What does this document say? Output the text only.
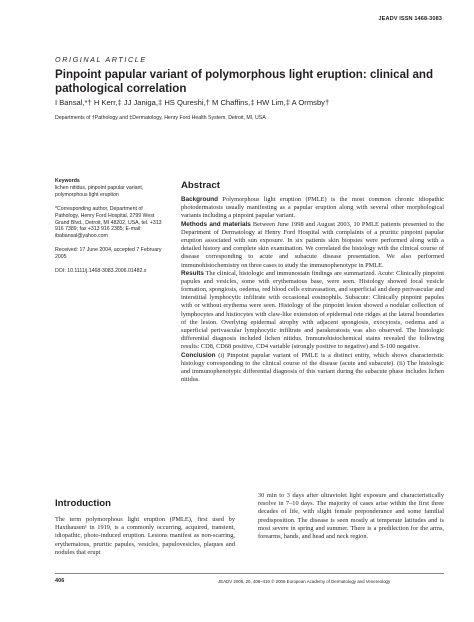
JEADV ISSN 1468-3083
ORIGINAL ARTICLE
Pinpoint papular variant of polymorphous light eruption: clinical and pathological correlation
I Bansal,*† H Kerr,‡ JJ Janiga,‡ HS Qureshi,† M Chaffins,‡ HW Lim,‡ A Ormsby†
Departments of †Pathology and ‡Dermatology, Henry Ford Health System, Detroit, MI, USA

Keywords

lichen nitidus, pinpoint papular variant, polymorphous light eruption

*Corresponding author, Department of Pathology, Henry Ford Hospital, 2799 West Grand Blvd., Detroit, MI 48202, USA, tel. +313 916 7389; fax +313 916 2385; E-mail: ibabansal@yahoo.com

Received: 17 June 2004, accepted 7 February 2005

DOI: 10.1111/j.1468-3083.2006.01482.x

Abstract
Background Polymorphous light eruption (PMLE) is the most common chronic idiopathic photodermatosis usually manifesting as a papular eruption along with several other morphological variants including a pinpoint papular variant.
Methods and materials Between June 1998 and August 2003, 10 PMLE patients presented to the Department of Dermatology at Henry Ford Hospital with complaints of a pruritic pinpoint papular eruption associated with sun exposure. In six patients skin biopsies were performed along with a detailed history and complete skin examination. We correlated the histology with the clinical course of disease corresponding to acute and subacute disease presentation. We also performed immunohistochemistry on three cases to study the immunophenotype in PMLE.
Results The clinical, histologic and immunostain findings are summarized. Acute: Clinically pinpoint papules and vesicles, some with erythematous base, were seen. Histology showed focal vesicle formation, spongiosis, oedema, red blood cells extravasation, and superficial and deep perivascular and interstitial lymphocytic infiltrate with occasional eosinophils. Subacute: Clinically pinpoint papules with or without erythema were seen. Histology of the pinpoint lesion showed a nodular collection of lymphocytes and histiocytes with claw-like extension of epidermal rete ridges at the lateral boundaries of the lesion. Overlying epidermal atrophy with adjacent spongiosis, exocytosis, oedema and a superficial perivascular lymphocytic infiltrate and parakeratosis was also observed. The histologic differential diagnosis included lichen nitidus. Immunohistochemical stains revealed the following results: CD8, CD68 positive, CD4 variable (strongly positive to negative) and S-100 negative.
Conclusion (i) Pinpoint papular variant of PMLE is a distinct entity, which shows characteristic histology corresponding to the clinical course of the disease (acute and subacute). (ii) The histologic and immunophenotypic differential diagnosis of this variant during the subacute phase includes lichen nitidus.
Introduction

The term polymorphous light eruption (PMLE), first used by Haxthausen¹ in 1919, is a commonly occurring, acquired, transient, idiopathic, photo-induced eruption. Lesions manifest as non-scarring, erythematous, pruritic papules, vesicles, papulovesicles, plaques and nodules that erupt

30 min to 3 days after ultraviolet light exposure and characteristically resolve in 7–10 days. The majority of cases arise within the first three decades of life, with slight female preponderance and some familial predisposition. The disease is seen mostly at temperate latitudes and is most severe in spring and summer. There is a predilection for the arms, forearms, hands, and head and neck region.

406	JEADV 2006, 20, 406–410 © 2006 European Academy of Dermatology and Venereology
